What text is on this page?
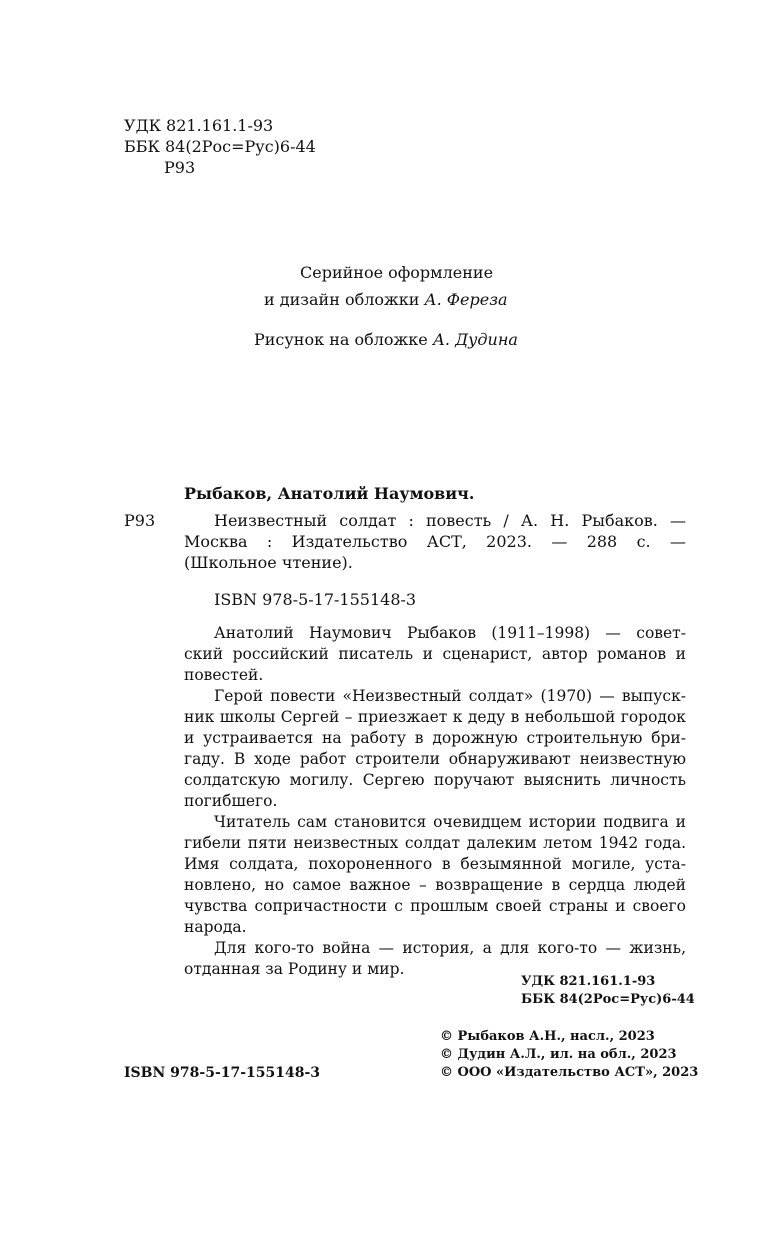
УДК 821.161.1-93
ББК 84(2Рос=Рус)6-44
Р93
Серийное оформление
и дизайн обложки А. Фереза
Рисунок на обложке А. Дудина
Рыбаков, Анатолий Наумович.
Р93	Неизвестный солдат : повесть / А. Н. Рыбаков. —
Москва : Издательство АСТ, 2023. — 288 с. —
(Школьное чтение).
ISBN 978-5-17-155148-3
Анатолий Наумович Рыбаков (1911–1998) — совет-
ский российский писатель и сценарист, автор романов и
повестей.
Герой повести «Неизвестный солдат» (1970) — выпуск-
ник школы Сергей – приезжает к деду в небольшой городок
и устраивается на работу в дорожную строительную бри-
гаду. В ходе работ строители обнаруживают неизвестную
солдатскую могилу. Сергею поручают выяснить личность
погибшего.
Читатель сам становится очевидцем истории подвига и
гибели пяти неизвестных солдат далеким летом 1942 года.
Имя солдата, похороненного в безымянной могиле, уста-
новлено, но самое важное – возвращение в сердца людей
чувства сопричастности с прошлым своей страны и своего
народа.
Для кого-то война — история, а для кого-то — жизнь,
отданная за Родину и мир.
УДК 821.161.1-93
ББК 84(2Рос=Рус)6-44
© Рыбаков А.Н., насл., 2023
© Дудин А.Л., ил. на обл., 2023
© ООО «Издательство АСТ», 2023
ISBN 978-5-17-155148-3
